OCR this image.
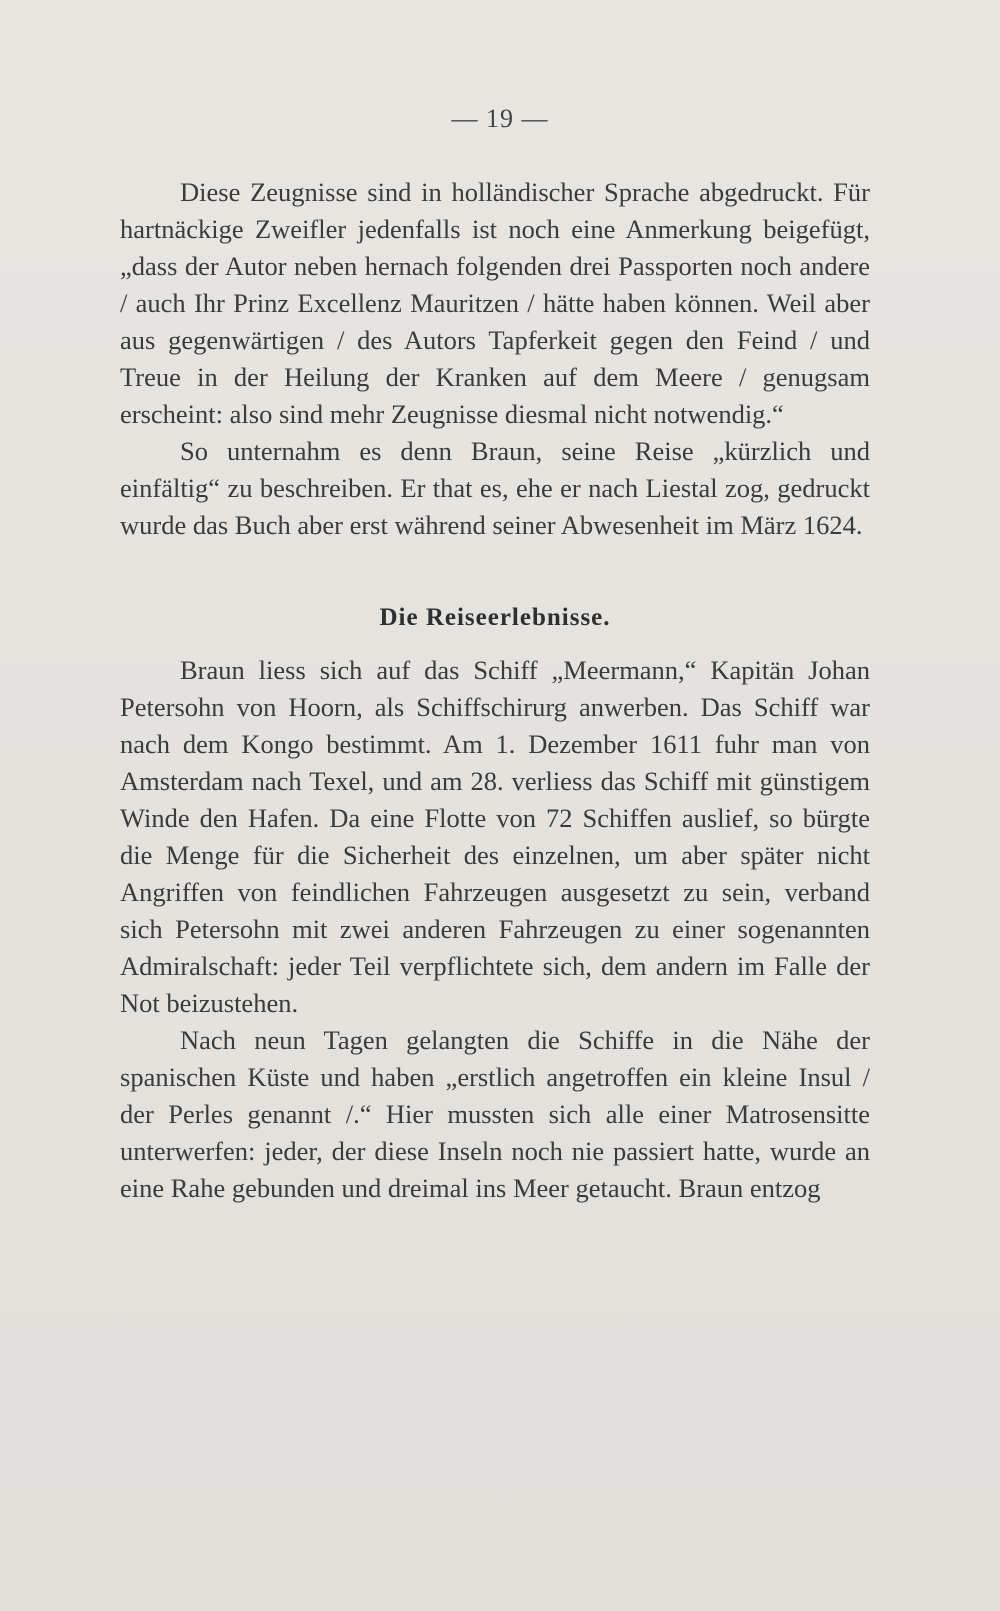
— 19 —

Diese Zeugnisse sind in holländischer Sprache abgedruckt. Für hartnäckige Zweifler jedenfalls ist noch eine Anmerkung beigefügt, „dass der Autor neben hernach folgenden drei Passporten noch andere / auch Ihr Prinz Excellenz Mauritzen / hätte haben können. Weil aber aus gegenwärtigen / des Autors Tapferkeit gegen den Feind / und Treue in der Heilung der Kranken auf dem Meere / genugsam erscheint: also sind mehr Zeugnisse diesmal nicht notwendig.“

So unternahm es denn Braun, seine Reise „kürzlich und einfältig“ zu beschreiben. Er that es, ehe er nach Liestal zog, gedruckt wurde das Buch aber erst während seiner Abwesenheit im März 1624.

Die Reiseerlebnisse.

Braun liess sich auf das Schiff „Meermann,“ Kapitän Johan Petersohn von Hoorn, als Schiffschirurg anwerben. Das Schiff war nach dem Kongo bestimmt. Am 1. Dezember 1611 fuhr man von Amsterdam nach Texel, und am 28. verliess das Schiff mit günstigem Winde den Hafen. Da eine Flotte von 72 Schiffen auslief, so bürgte die Menge für die Sicherheit des einzelnen, um aber später nicht Angriffen von feindlichen Fahrzeugen ausgesetzt zu sein, verband sich Petersohn mit zwei anderen Fahrzeugen zu einer sogenannten Admiralschaft: jeder Teil verpflichtete sich, dem andern im Falle der Not beizustehen.

Nach neun Tagen gelangten die Schiffe in die Nähe der spanischen Küste und haben „erstlich angetroffen ein kleine Insul / der Perles genannt /.“ Hier mussten sich alle einer Matrosensitte unterwerfen: jeder, der diese Inseln noch nie passiert hatte, wurde an eine Rahe gebunden und dreimal ins Meer getaucht. Braun entzog
